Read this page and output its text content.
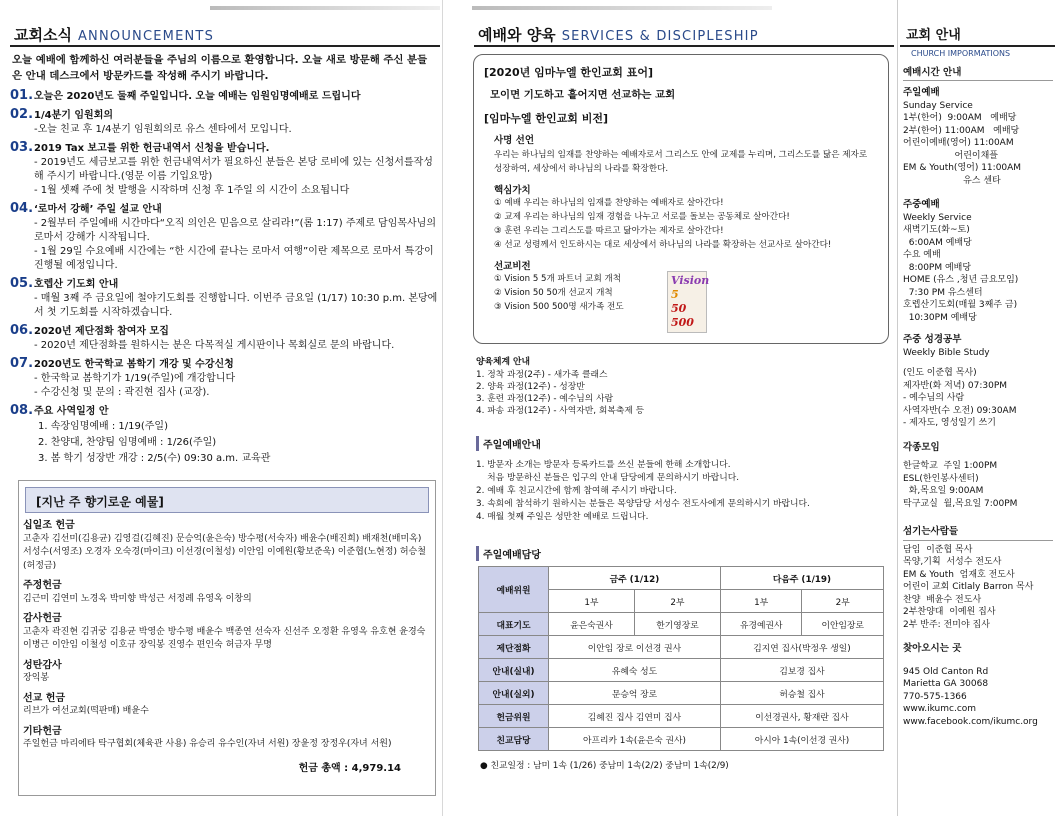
교회소식 ANNOUNCEMENTS
오늘 예배에 함께하신 여러분들을 주님의 이름으로 환영합니다. 오늘 새로 방문해 주신 분들은 안내 데스크에서 방문카드를 작성해 주시기 바랍니다.
01.오늘은 2020년도 둘째 주일입니다. 오늘 예배는 임원임명예배로 드립니다
02.1/4분기 임원회의
-오늘 친교 후 1/4분기 임원회의로 유스 센타에서 모입니다.
03.2019 Tax 보고를 위한 헌금내역서 신청을 받습니다.
- 2019년도 세금보고를 위한 헌금내역서가 필요하신 분들은 본당 로비에 있는 신청서를작성해 주시기 바랍니다.(영문 이름 기입요망)
- 1월 셋째 주에 첫 발행을 시작하며 신청 후 1주일 의 시간이 소요됩니다
04.‘로마서 강해’ 주일 설교 안내
- 2월부터 주일예배 시간마다“오직 의인은 믿음으로 살리라!”(롬 1:17) 주제로 담임목사님의 로마서 강해가 시작됩니다.
- 1월 29일 수요예배 시간에는 “한 시간에 끝나는 로마서 여행”이란 제목으로 로마서 특강이 진행될 예정입니다.
05.호렙산 기도회 안내
- 매월 3째 주 금요일에 철야기도회를 진행합니다. 이번주 금요일 (1/17) 10:30 p.m. 본당에서 첫 기도회를 시작하겠습니다.
06.2020년 제단점화 참여자 모집
- 2020년 제단점화를 원하시는 분은 다목적실 게시판이나 목회실로 문의 바랍니다.
07.2020년도 한국학교 봄학기 개강 및 수강신청
- 한국학교 봄학기가 1/19(주일)에 개강합니다
- 수강신청 및 문의 : 곽진현 집사 (교장).
08.주요 사역일정 안
1. 속장임명예배 : 1/19(주일)
2. 찬양대, 찬양팀 임명예배 : 1/26(주일)
3. 봄 학기 성장반 개강 : 2/5(수) 09:30 a.m. 교육관
[지난 주 향기로운 예물]
십일조 헌금
고춘자 김선미(김용균) 김영걸(김혜진) 문승억(윤은숙) 방수평(서숙자) 배윤수(배진희) 배재천(배미옥) 서성수(서영조) 오경자 오숙경(마이크) 이선경(이철성) 이안임 이예원(황보준욱) 이준협(노현정) 허승철(허정금)
주정헌금
김근미 김연미 노경옥 박미향 박성근 서정례 유영옥 이창의
감사헌금
고춘자 곽진현 김귀궁 김용균 박영순 방수평 배윤수 백종연 선숙자 신선주 오정환 유영옥 유호현 윤경숙 이병근 이안임 이철성 이호규 장익봉 진영수 편인숙 허금자 무명
성탄감사
장익봉
선교 헌금
리브가 여선교회(떡판매) 배윤수
기타헌금
주일헌금 마리에타 탁구협회(체육관 사용) 유승리 유수인(자녀 서원) 장윤정 장정우(자녀 서원)
헌금 총액 : 4,979.14
예배와 양육 SERVICES & DISCIPLESHIP
[2020년 임마누엘 한인교회 표어]
모이면 기도하고 흩어지면 선교하는 교회
[임마누엘 한인교회 비전]
사명 선언
우리는 하나님의 임재를 찬양하는 예배자로서 그리스도 안에 교제를 누리며, 그리스도를 닮은 제자로 성장하여, 세상에서 하나님의 나라를 확장한다.
핵심가치
① 예배 우리는 하나님의 임재를 찬양하는 예배자로 살아간다!
② 교제 우리는 하나님의 임재 경험을 나누고 서로를 돌보는 공동체로 살아간다!
③ 훈련 우리는 그리스도를 따르고 닮아가는 제자로 살아간다!
④ 선교 성령께서 인도하시는 대로 세상에서 하나님의 나라를 확장하는 선교사로 살아간다!
선교비전
① Vision 5 5개 파트너 교회 개척
② Vision 50 50개 선교지 개척
③ Vision 500 500명 새가족 전도
Vision
5
50
500
양육체계 안내
1. 정착 과정(2주) - 새가족 클래스
2. 양육 과정(12주) - 성장반
3. 훈련 과정(12주) - 예수님의 사람
4. 파송 과정(12주) - 사역자반, 회복축제 등
주일예배안내
1. 방문자 소개는 방문자 등록카드를 쓰신 분들에 한해 소개합니다.
처음 방문하신 분들은 입구의 안내 담당에게 문의하시기 바랍니다.
2. 예배 후 친교시간에 함께 참여해 주시기 바랍니다.
3. 속회에 참석하기 원하시는 분들은 목양담당 서성수 전도사에게 문의하시기 바랍니다.
4. 매월 첫째 주일은 성만찬 예배로 드립니다.
주일예배담당
예배위원	금주 (1/12)		다음주 (1/19)	
	1부	2부	1부	2부
대표기도	윤은숙권사	한기영장로	유경예권사	이안임장로
제단점화	이안임 장로 이선경 권사		김지연 집사(박정우 생일)	
안내(실내)	유혜숙 성도		김보경 집사	
안내(실외)	문승억 장로		허승철 집사	
헌금위원	김혜진 집사 김연미 집사		이선경권사, 황재란 집사	
친교담당	아프리카 1속(윤은숙 권사)		아시아 1속(이선경 권사)	
● 친교일정 : 남미 1속 (1/26) 중남미 1속(2/2) 중남미 1속(2/9)
교회 안내
CHURCH IMPORMATIONS
예배시간 안내
주일예배
Sunday Service
1부(한어)  9:00AM   예배당
2부(한어) 11:00AM   예배당
어린이예배(영어) 11:00AM
어린이채플
EM & Youth(영어) 11:00AM
유스 센타
주중예배
Weekly Service
새벽기도(화~토)
6:00AM 예배당
수요 예배
8:00PM 예배당
HOME (유스 ,청년 금요모임)
7:30 PM 유스센터
호렙산기도회(매월 3째주 금)
10:30PM 예배당
주중 성경공부
Weekly Bible Study
(인도 이준협 목사)
제자반(화 저녁) 07:30PM
- 예수님의 사람
사역자반(수 오전) 09:30AM
- 제자도, 영성일기 쓰기
각종모임
한글학교  주일 1:00PM
ESL(한인봉사센터)
화,목요일 9:00AM
탁구교실  월,목요일 7:00PM
섬기는사람들
담임  이준협 목사
목양,기획  서성수 전도사
EM & Youth  엄재호 전도사
어린이 교회 Citlaly Barron 목사
찬양  배윤수 전도사
2부찬양대  이예원 집사
2부 반주: 전미야 집사
찾아오시는 곳
945 Old Canton Rd
Marietta GA 30068
770-575-1366
www.ikumc.com
www.facebook.com/ikumc.org
